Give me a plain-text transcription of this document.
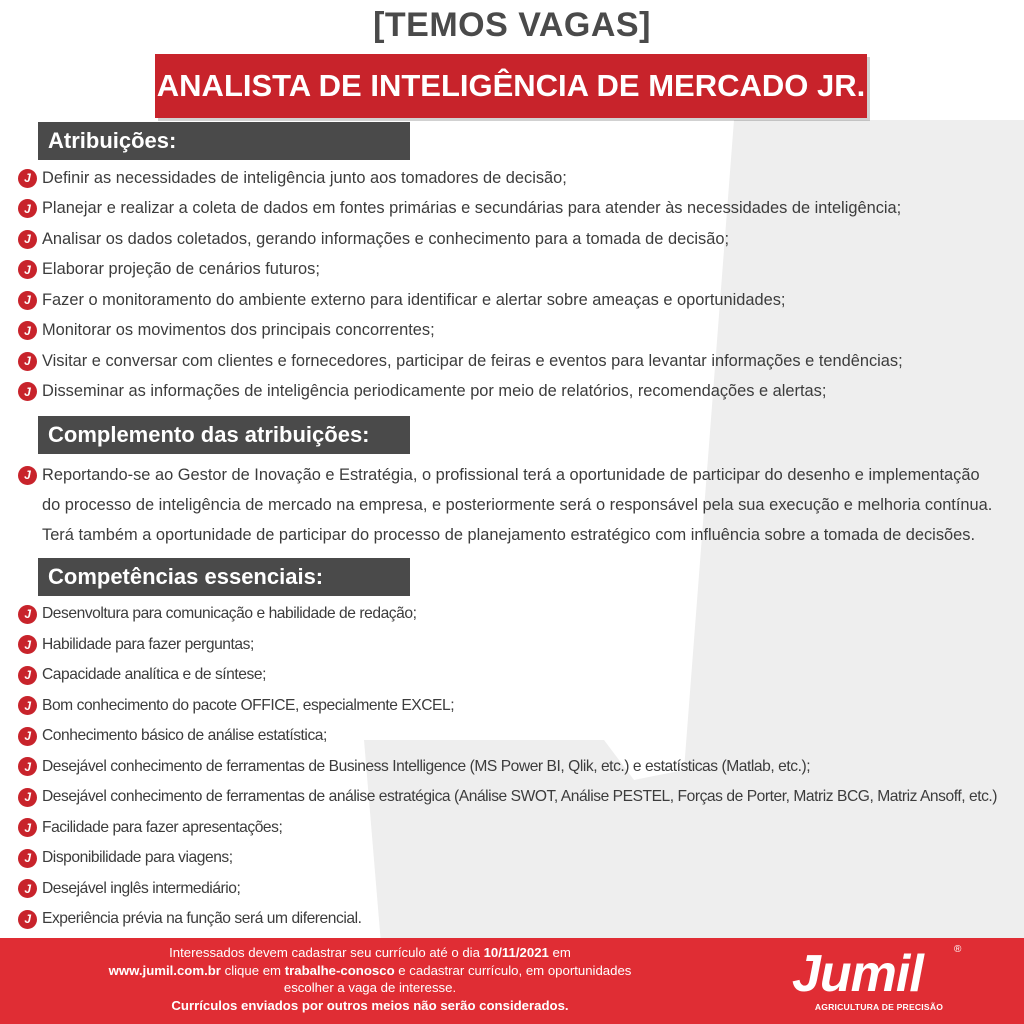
[TEMOS VAGAS]
ANALISTA DE INTELIGÊNCIA DE MERCADO JR.
Atribuições:
J Definir as necessidades de inteligência junto aos tomadores de decisão;
J Planejar e realizar a coleta de dados em fontes primárias e secundárias para atender às necessidades de inteligência;
J Analisar os dados coletados, gerando informações e conhecimento para a tomada de decisão;
J Elaborar projeção de cenários futuros;
J Fazer o monitoramento do ambiente externo para identificar e alertar sobre ameaças e oportunidades;
J Monitorar os movimentos dos principais concorrentes;
J Visitar e conversar com clientes e fornecedores, participar de feiras e eventos para levantar informações e tendências;
J Disseminar as informações de inteligência periodicamente por meio de relatórios, recomendações e alertas;
Complemento das atribuições:
J Reportando-se ao Gestor de Inovação e Estratégia, o profissional terá a oportunidade de participar do desenho e implementação
do processo de inteligência de mercado na empresa, e posteriormente será o responsável pela sua execução e melhoria contínua.
Terá também a oportunidade de participar do processo de planejamento estratégico com influência sobre a tomada de decisões.
Competências essenciais:
J Desenvoltura para comunicação e habilidade de redação;
J Habilidade para fazer perguntas;
J Capacidade analítica e de síntese;
J Bom conhecimento do pacote OFFICE, especialmente EXCEL;
J Conhecimento básico de análise estatística;
J Desejável conhecimento de ferramentas de Business Intelligence (MS Power BI, Qlik, etc.) e estatísticas (Matlab, etc.);
J Desejável conhecimento de ferramentas de análise estratégica (Análise SWOT, Análise PESTEL, Forças de Porter, Matriz BCG, Matriz Ansoff, etc.)
J Facilidade para fazer apresentações;
J Disponibilidade para viagens;
J Desejável inglês intermediário;
J Experiência prévia na função será um diferencial.
Interessados devem cadastrar seu currículo até o dia 10/11/2021 em
www.jumil.com.br clique em trabalhe-conosco e cadastrar currículo, em oportunidades
escolher a vaga de interesse.
Currículos enviados por outros meios não serão considerados.
Jumil	®
AGRICULTURA DE PRECISÃO
